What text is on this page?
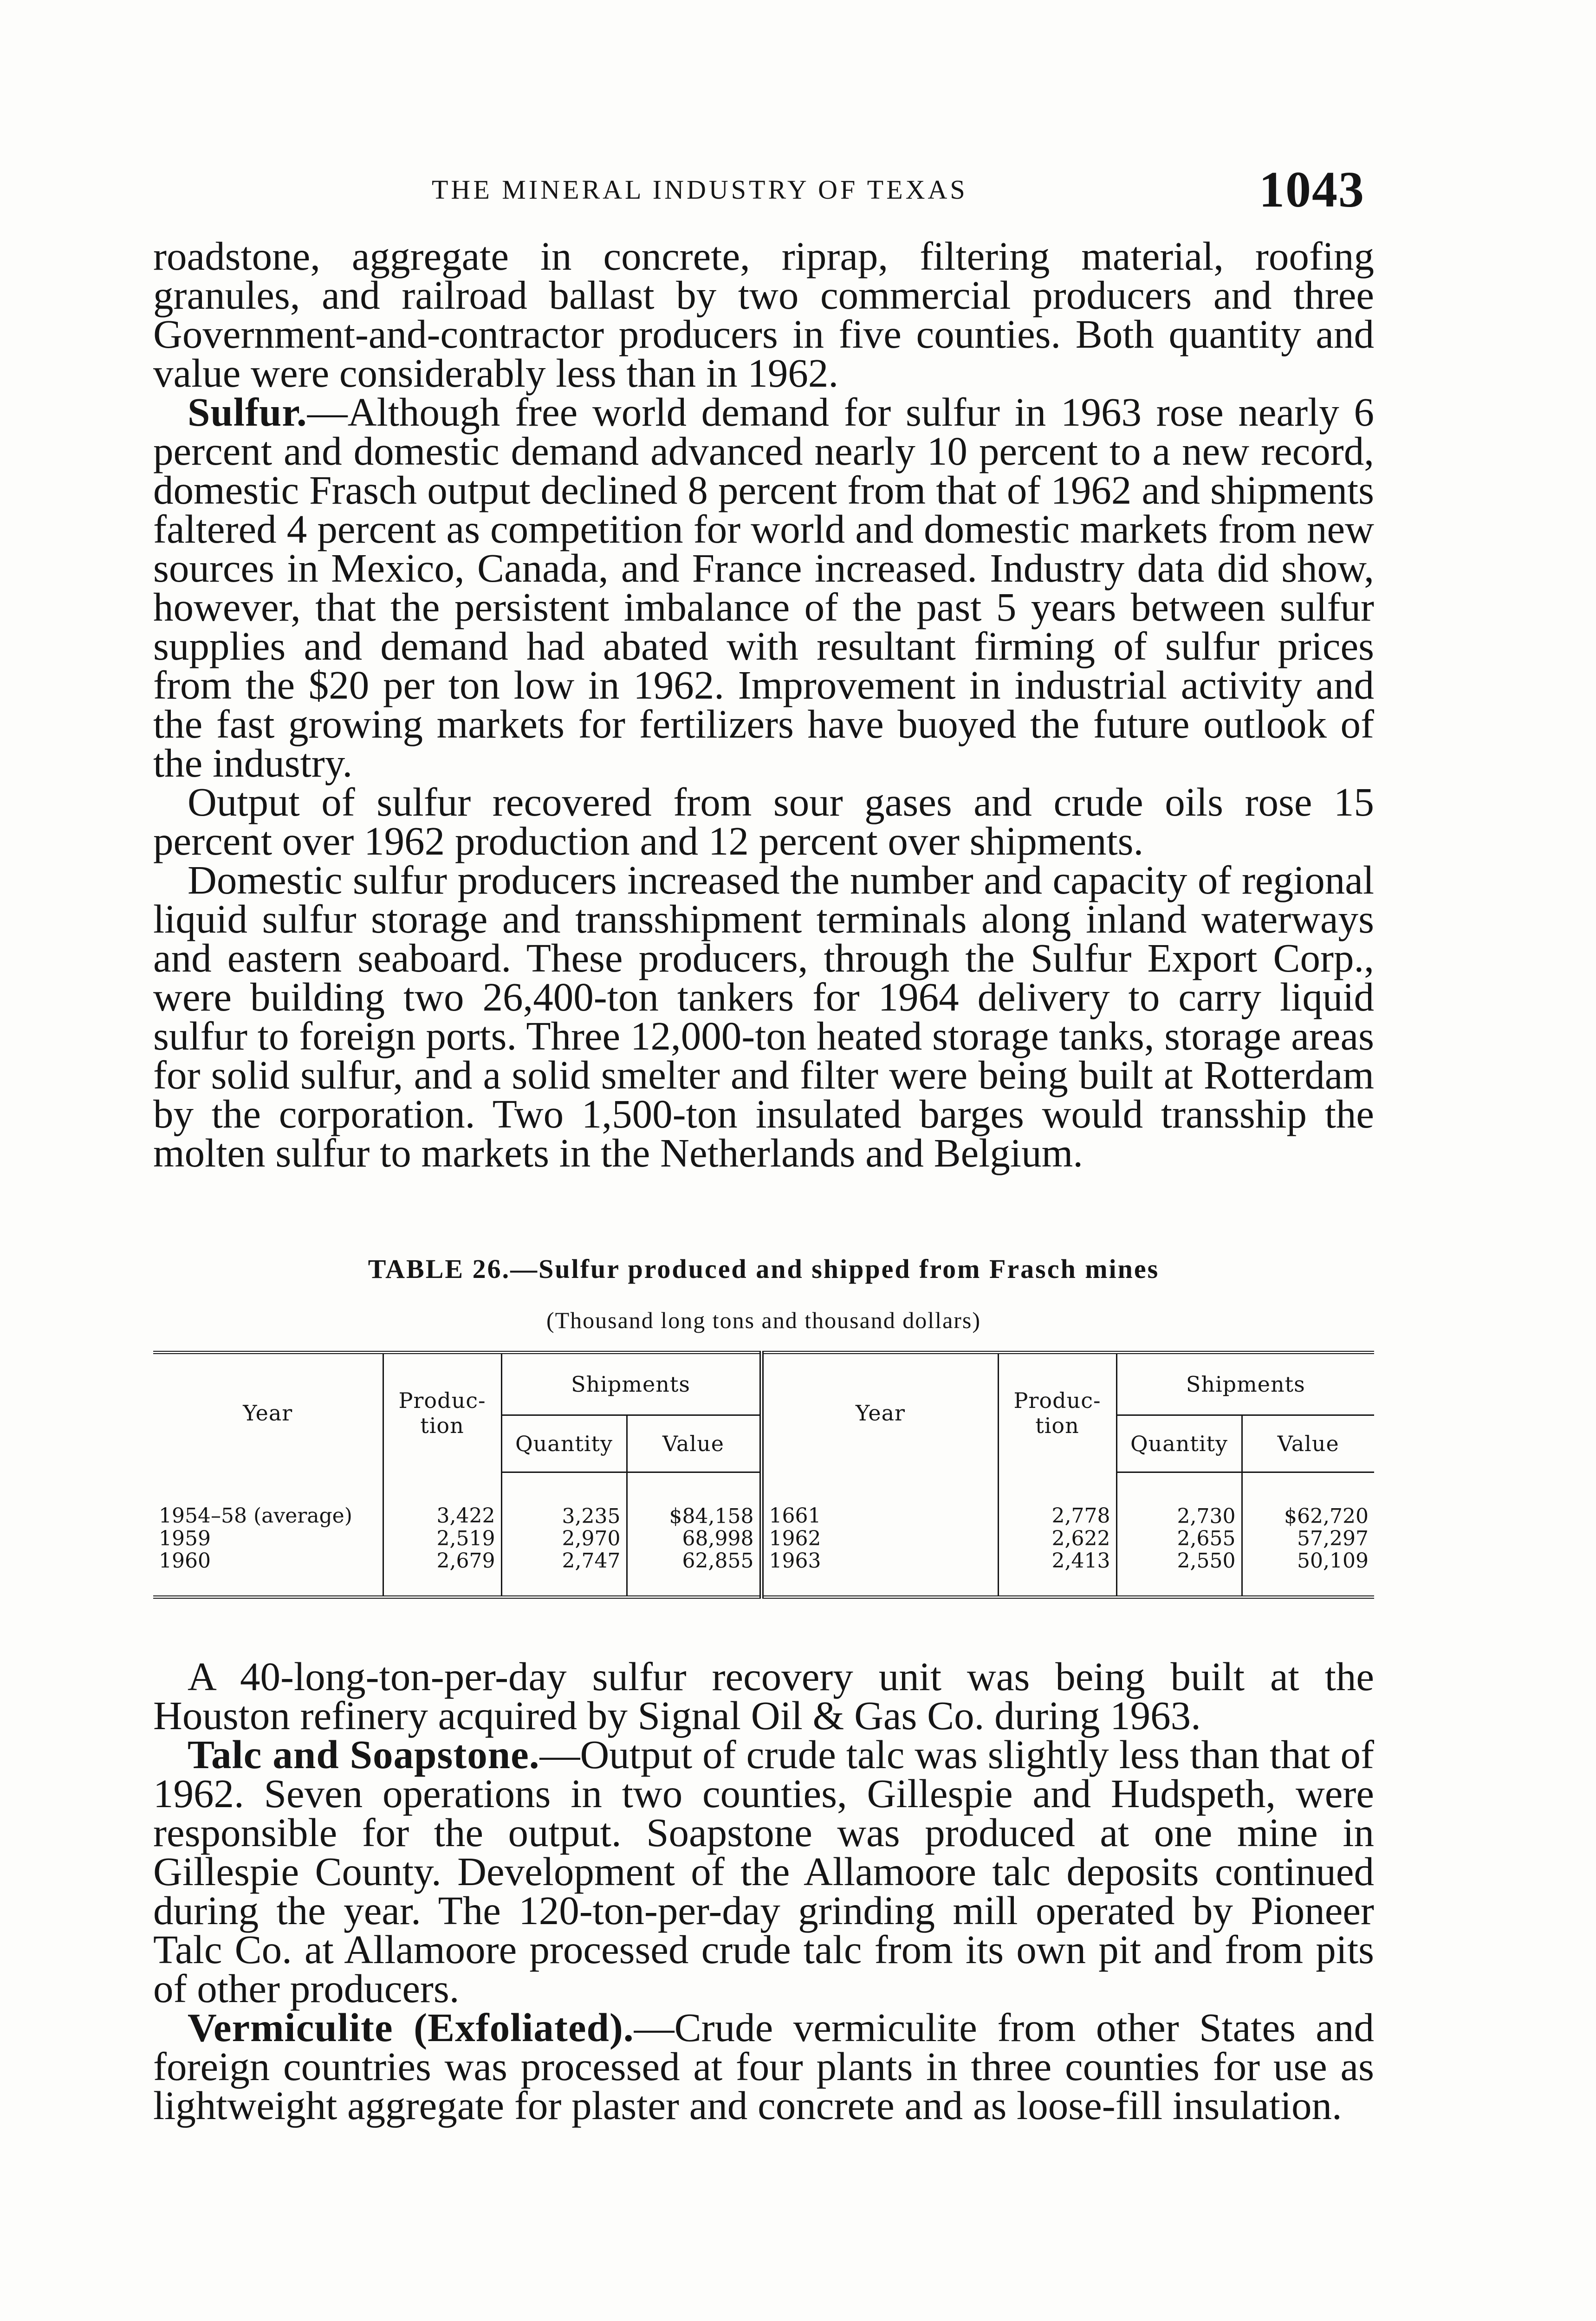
THE MINERAL INDUSTRY OF TEXAS	1043

roadstone, aggregate in concrete, riprap, filtering material, roofing granules, and railroad ballast by two commercial producers and three Government-and-contractor producers in five counties. Both quantity and value were considerably less than in 1962.

Sulfur.—Although free world demand for sulfur in 1963 rose nearly 6 percent and domestic demand advanced nearly 10 percent to a new record, domestic Frasch output declined 8 percent from that of 1962 and shipments faltered 4 percent as competition for world and domestic markets from new sources in Mexico, Canada, and France increased. Industry data did show, however, that the persistent imbalance of the past 5 years between sulfur supplies and demand had abated with resultant firming of sulfur prices from the $20 per ton low in 1962. Improvement in industrial activity and the fast growing markets for fertilizers have buoyed the future outlook of the industry.

Output of sulfur recovered from sour gases and crude oils rose 15 percent over 1962 production and 12 percent over shipments.

Domestic sulfur producers increased the number and capacity of regional liquid sulfur storage and transshipment terminals along inland waterways and eastern seaboard. These producers, through the Sulfur Export Corp., were building two 26,400-ton tankers for 1964 delivery to carry liquid sulfur to foreign ports. Three 12,000-ton heated storage tanks, storage areas for solid sulfur, and a solid smelter and filter were being built at Rotterdam by the corporation. Two 1,500-ton insulated barges would transship the molten sulfur to markets in the Netherlands and Belgium.

TABLE 26.—Sulfur produced and shipped from Frasch mines
(Thousand long tons and thousand dollars)
Year	Produc-tion	Shipments		Year	Produc-tion	Shipments	
		Quantity	Value			Quantity	Value
1954–58 (average)	3,422	3,235	$84,158	1661	2,778	2,730	$62,720
1959	2,519	2,970	68,998	1962	2,622	2,655	57,297
1960	2,679	2,747	62,855	1963	2,413	2,550	50,109

A 40-long-ton-per-day sulfur recovery unit was being built at the Houston refinery acquired by Signal Oil & Gas Co. during 1963.

Talc and Soapstone.—Output of crude talc was slightly less than that of 1962. Seven operations in two counties, Gillespie and Hudspeth, were responsible for the output. Soapstone was produced at one mine in Gillespie County. Development of the Allamoore talc deposits continued during the year. The 120-ton-per-day grinding mill operated by Pioneer Talc Co. at Allamoore processed crude talc from its own pit and from pits of other producers.

Vermiculite (Exfoliated).—Crude vermiculite from other States and foreign countries was processed at four plants in three counties for use as lightweight aggregate for plaster and concrete and as loose-fill insulation.
